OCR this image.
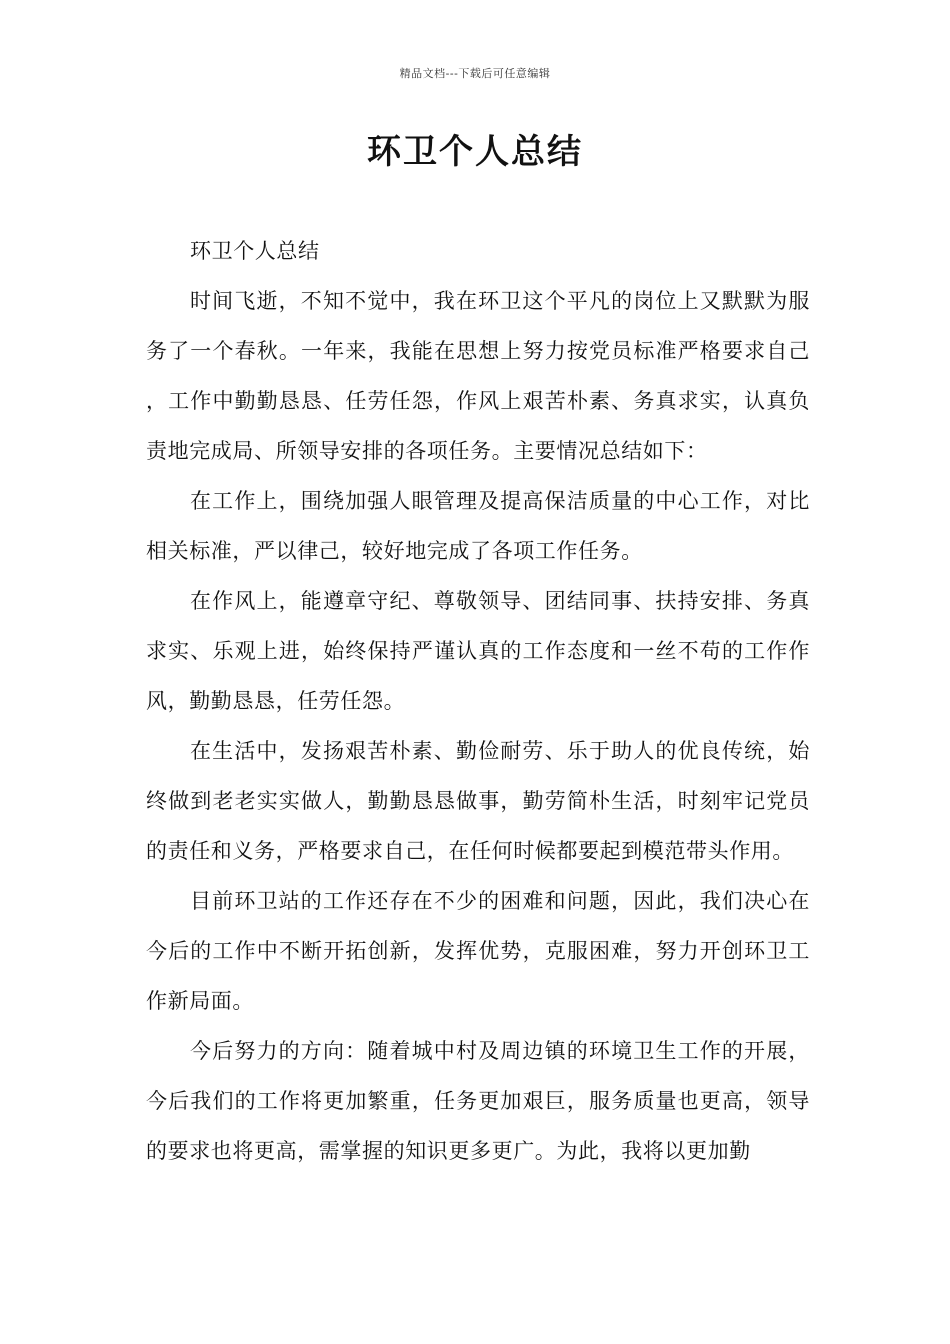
精品文档---下载后可任意编辑
环卫个人总结

环卫个人总结

时间飞逝，不知不觉中，我在环卫这个平凡的岗位上又默默为服务了一个春秋。一年来，我能在思想上努力按党员标准严格要求自己，工作中勤勤恳恳、任劳任怨，作风上艰苦朴素、务真求实，认真负责地完成局、所领导安排的各项任务。主要情况总结如下：

在工作上，围绕加强人眼管理及提高保洁质量的中心工作，对比相关标准，严以律己，较好地完成了各项工作任务。

在作风上，能遵章守纪、尊敬领导、团结同事、扶持安排、务真求实、乐观上进，始终保持严谨认真的工作态度和一丝不苟的工作作风，勤勤恳恳，任劳任怨。

在生活中，发扬艰苦朴素、勤俭耐劳、乐于助人的优良传统，始终做到老老实实做人，勤勤恳恳做事，勤劳简朴生活，时刻牢记党员的责任和义务，严格要求自己，在任何时候都要起到模范带头作用。

目前环卫站的工作还存在不少的困难和问题，因此，我们决心在今后的工作中不断开拓创新，发挥优势，克服困难，努力开创环卫工作新局面。

今后努力的方向：随着城中村及周边镇的环境卫生工作的开展，今后我们的工作将更加繁重，任务更加艰巨，服务质量也更高，领导的要求也将更高，需掌握的知识更多更广。为此，我将以更加勤
